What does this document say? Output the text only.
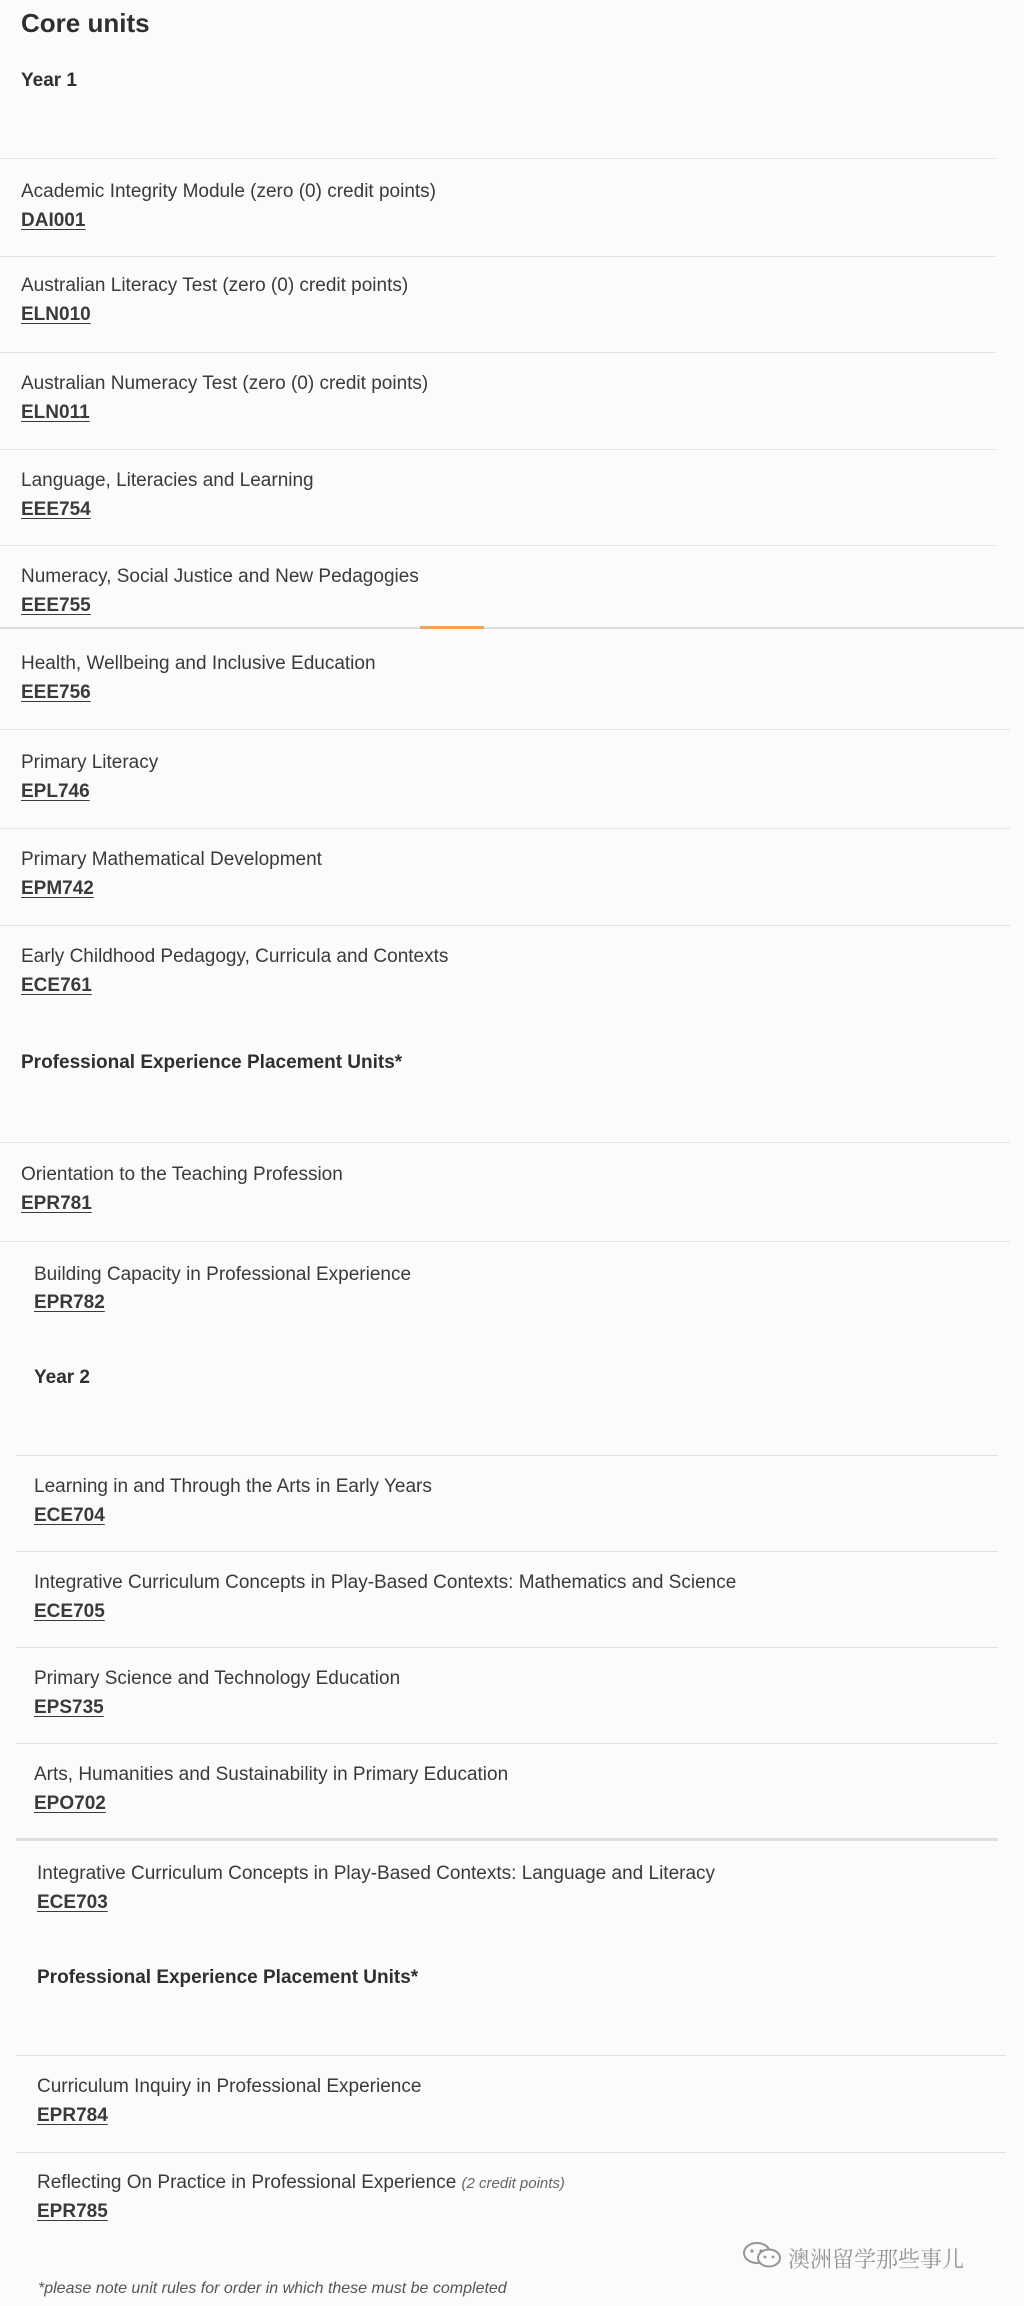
Core units
Year 1
Academic Integrity Module (zero (0) credit points)
DAI001
Australian Literacy Test (zero (0) credit points)
ELN010
Australian Numeracy Test (zero (0) credit points)
ELN011
Language, Literacies and Learning
EEE754
Numeracy, Social Justice and New Pedagogies
EEE755
Health, Wellbeing and Inclusive Education
EEE756
Primary Literacy
EPL746
Primary Mathematical Development
EPM742
Early Childhood Pedagogy, Curricula and Contexts
ECE761
Professional Experience Placement Units*
Orientation to the Teaching Profession
EPR781
Building Capacity in Professional Experience
EPR782
Year 2
Learning in and Through the Arts in Early Years
ECE704
Integrative Curriculum Concepts in Play-Based Contexts: Mathematics and Science
ECE705
Primary Science and Technology Education
EPS735
Arts, Humanities and Sustainability in Primary Education
EPO702
Integrative Curriculum Concepts in Play-Based Contexts: Language and Literacy
ECE703
Professional Experience Placement Units*
Curriculum Inquiry in Professional Experience
EPR784
Reflecting On Practice in Professional Experience (2 credit points)
EPR785
澳洲留学那些事儿
*please note unit rules for order in which these must be completed
